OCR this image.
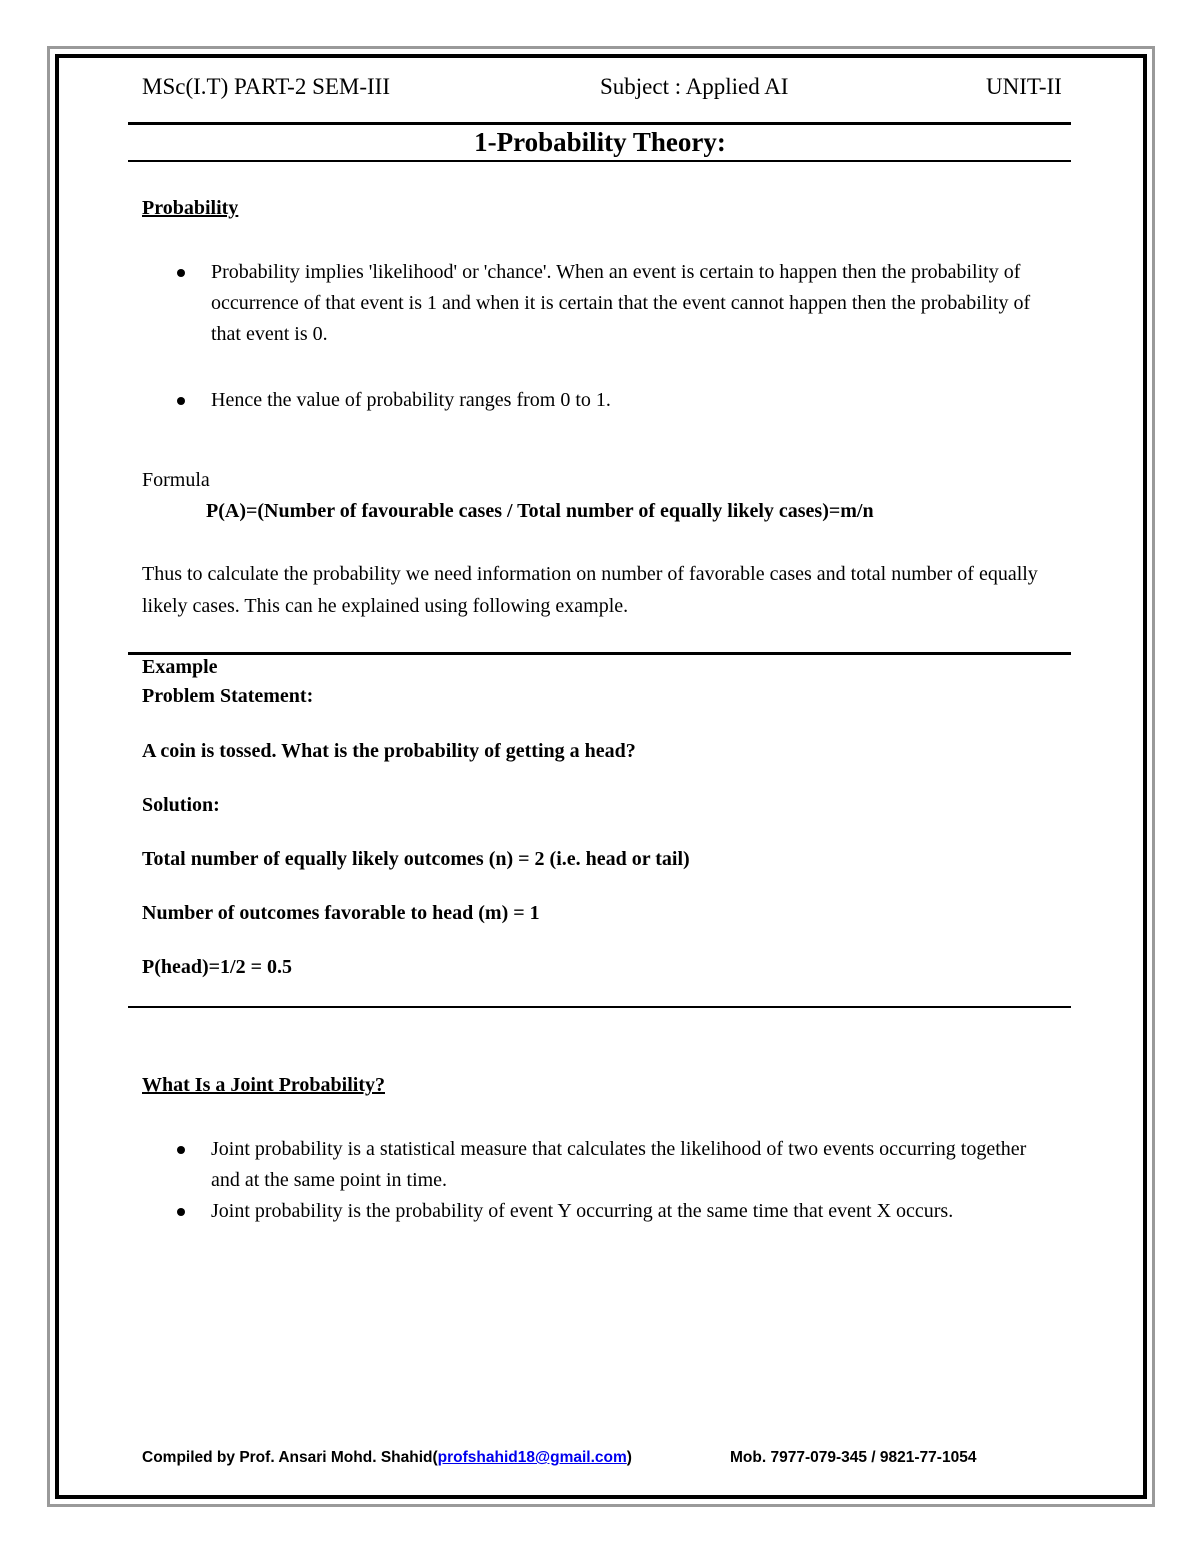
MSc(I.T) PART-2 SEM-III	Subject : Applied AI	UNIT-II
1-Probability Theory:
Probability
Probability implies 'likelihood' or 'chance'. When an event is certain to happen then the probability of occurrence of that event is 1 and when it is certain that the event cannot happen then the probability of that event is 0.
Hence the value of probability ranges from 0 to 1.
Formula
P(A)=(Number of favourable cases / Total number of equally likely cases)=m/n
Thus to calculate the probability we need information on number of favorable cases and total number of equally likely cases. This can he explained using following example.
Example
Problem Statement:
A coin is tossed. What is the probability of getting a head?
Solution:
Total number of equally likely outcomes (n) = 2 (i.e. head or tail)
Number of outcomes favorable to head (m) = 1
P(head)=1/2 = 0.5
What Is a Joint Probability?
Joint probability is a statistical measure that calculates the likelihood of two events occurring together and at the same point in time.
Joint probability is the probability of event Y occurring at the same time that event X occurs.
Compiled by Prof. Ansari Mohd. Shahid(profshahid18@gmail.com)	Mob. 7977-079-345 / 9821-77-1054
